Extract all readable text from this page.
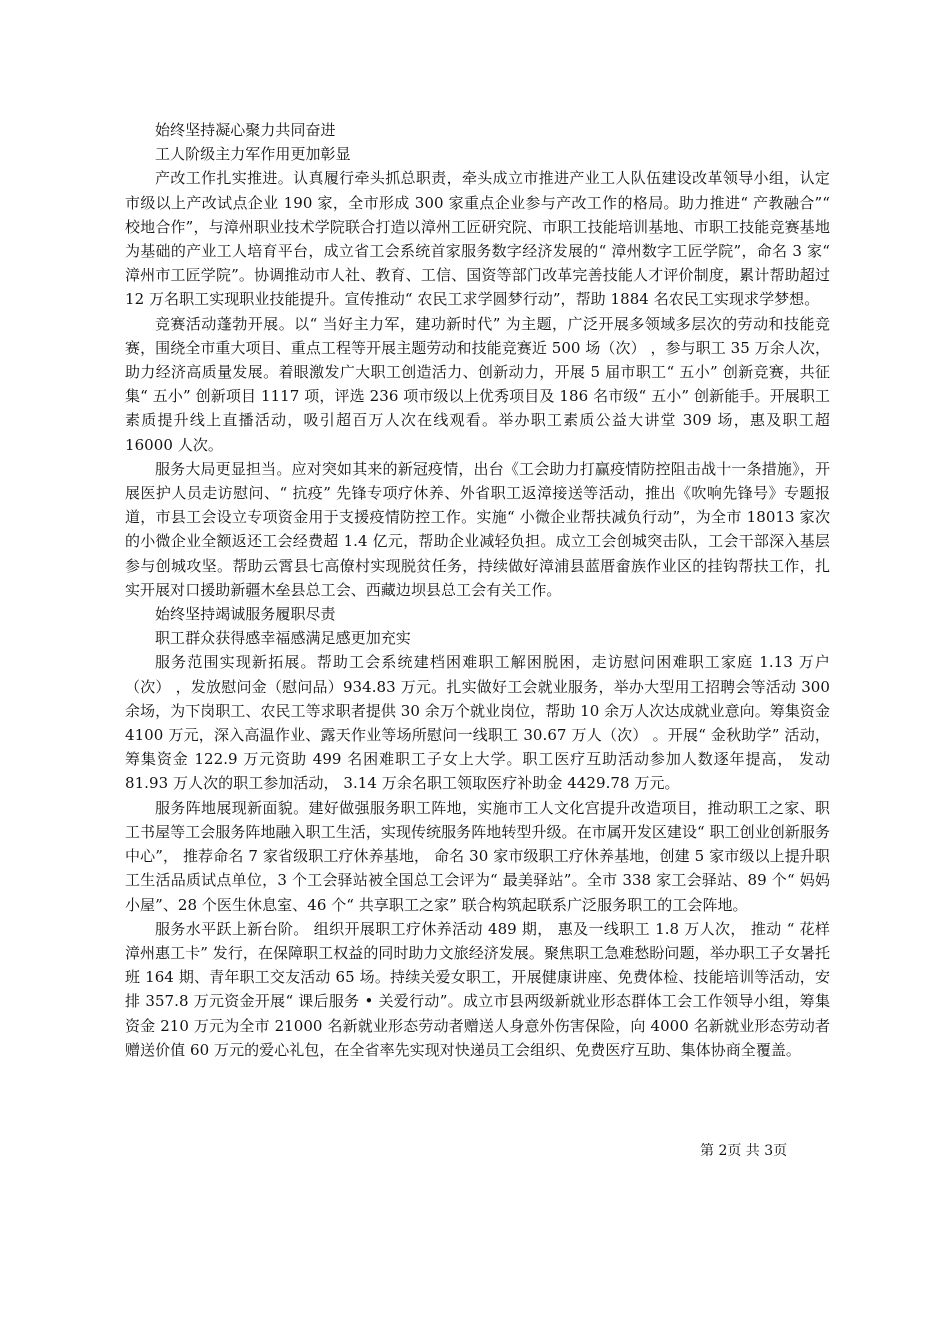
始终坚持凝心聚力共同奋进

工人阶级主力军作用更加彰显

产改工作扎实推进。认真履行牵头抓总职责，牵头成立市推进产业工人队伍建设改革领导小组，认定市级以上产改试点企业 190 家，全市形成 300 家重点企业参与产改工作的格局。助力推进“ 产教融合”“ 校地合作”，与漳州职业技术学院联合打造以漳州工匠研究院、市职工技能培训基地、市职工技能竞赛基地为基础的产业工人培育平台，成立省工会系统首家服务数字经济发展的“ 漳州数字工匠学院”，命名 3 家“ 漳州市工匠学院”。协调推动市人社、教育、工信、国资等部门改革完善技能人才评价制度，累计帮助超过 12 万名职工实现职业技能提升。宣传推动“ 农民工求学圆梦行动”，帮助 1884 名农民工实现求学梦想。

竞赛活动蓬勃开展。以“ 当好主力军，建功新时代” 为主题，广泛开展多领域多层次的劳动和技能竞赛，围绕全市重大项目、重点工程等开展主题劳动和技能竞赛近 500 场（次） ，参与职工 35 万余人次，助力经济高质量发展。着眼激发广大职工创造活力、创新动力，开展 5 届市职工“ 五小” 创新竞赛，共征集“ 五小” 创新项目 1117 项，评选 236 项市级以上优秀项目及 186 名市级“ 五小” 创新能手。开展职工素质提升线上直播活动，吸引超百万人次在线观看。举办职工素质公益大讲堂 309 场，惠及职工超 16000 人次。

服务大局更显担当。应对突如其来的新冠疫情，出台《工会助力打赢疫情防控阻击战十一条措施》，开展医护人员走访慰问、“ 抗疫” 先锋专项疗休养、外省职工返漳接送等活动，推出《吹响先锋号》专题报道，市县工会设立专项资金用于支援疫情防控工作。实施“ 小微企业帮扶减负行动”，为全市 18013 家次的小微企业全额返还工会经费超 1.4 亿元，帮助企业减轻负担。成立工会创城突击队，工会干部深入基层参与创城攻坚。帮助云霄县七高僚村实现脱贫任务，持续做好漳浦县蓝厝畲族作业区的挂钩帮扶工作，扎实开展对口援助新疆木垒县总工会、西藏边坝县总工会有关工作。

始终坚持竭诚服务履职尽责

职工群众获得感幸福感满足感更加充实

服务范围实现新拓展。帮助工会系统建档困难职工解困脱困，走访慰问困难职工家庭 1.13 万户（次） ，发放慰问金（慰问品）934.83 万元。扎实做好工会就业服务，举办大型用工招聘会等活动 300 余场，为下岗职工、农民工等求职者提供 30 余万个就业岗位，帮助 10 余万人次达成就业意向。筹集资金 4100 万元，深入高温作业、露天作业等场所慰问一线职工 30.67 万人（次） 。开展“ 金秋助学” 活动，筹集资金 122.9 万元资助 499 名困难职工子女上大学。职工医疗互助活动参加人数逐年提高， 发动 81.93 万人次的职工参加活动， 3.14 万余名职工领取医疗补助金 4429.78 万元。

服务阵地展现新面貌。建好做强服务职工阵地，实施市工人文化宫提升改造项目，推动职工之家、职工书屋等工会服务阵地融入职工生活，实现传统服务阵地转型升级。在市属开发区建设“ 职工创业创新服务中心”， 推荐命名 7 家省级职工疗休养基地， 命名 30 家市级职工疗休养基地，创建 5 家市级以上提升职工生活品质试点单位，3 个工会驿站被全国总工会评为“ 最美驿站”。全市 338 家工会驿站、89 个“ 妈妈小屋”、28 个医生休息室、46 个“ 共享职工之家” 联合构筑起联系广泛服务职工的工会阵地。

服务水平跃上新台阶。 组织开展职工疗休养活动 489 期， 惠及一线职工 1.8 万人次， 推动 “ 花样漳州惠工卡” 发行，在保障职工权益的同时助力文旅经济发展。聚焦职工急难愁盼问题，举办职工子女暑托班 164 期、青年职工交友活动 65 场。持续关爱女职工，开展健康讲座、免费体检、技能培训等活动，安排 357.8 万元资金开展“ 课后服务 • 关爱行动”。成立市县两级新就业形态群体工会工作领导小组，筹集资金 210 万元为全市 21000 名新就业形态劳动者赠送人身意外伤害保险，向 4000 名新就业形态劳动者赠送价值 60 万元的爱心礼包，在全省率先实现对快递员工会组织、免费医疗互助、集体协商全覆盖。

第 2页 共 3页
